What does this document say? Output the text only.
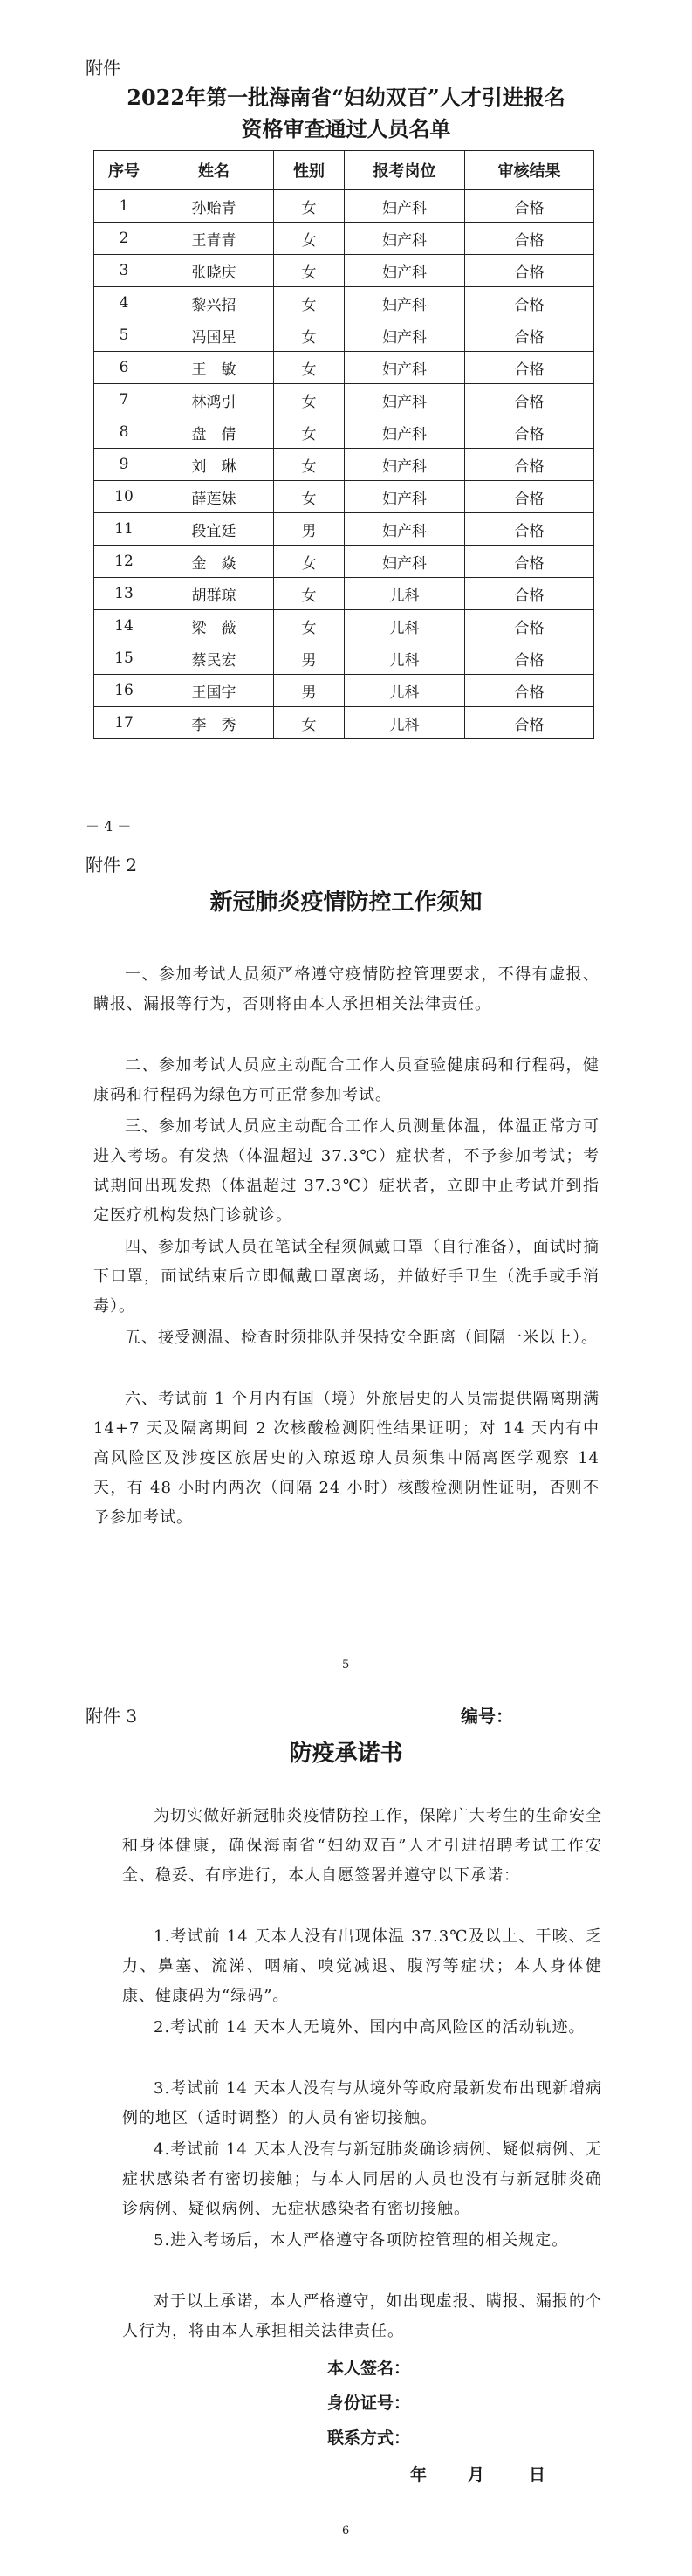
附件
2022年第一批海南省“妇幼双百”人才引进报名
资格审查通过人员名单
序号	姓名	性别	报考岗位	审核结果
1	孙贻青	女	妇产科	合格
2	王青青	女	妇产科	合格
3	张晓庆	女	妇产科	合格
4	黎兴招	女	妇产科	合格
5	冯国星	女	妇产科	合格
6	王　敏	女	妇产科	合格
7	林鸿引	女	妇产科	合格
8	盘　倩	女	妇产科	合格
9	刘　琳	女	妇产科	合格
10	薛莲妹	女	妇产科	合格
11	段宜廷	男	妇产科	合格
12	金　焱	女	妇产科	合格
13	胡群琼	女	儿科	合格
14	梁　薇	女	儿科	合格
15	蔡民宏	男	儿科	合格
16	王国宇	男	儿科	合格
17	李　秀	女	儿科	合格
－ 4 －
附件 2
新冠肺炎疫情防控工作须知
一、参加考试人员须严格遵守疫情防控管理要求，不得有虚报、瞒报、漏报等行为，否则将由本人承担相关法律责任。
二、参加考试人员应主动配合工作人员查验健康码和行程码，健康码和行程码为绿色方可正常参加考试。
三、参加考试人员应主动配合工作人员测量体温，体温正常方可进入考场。有发热（体温超过 37.3℃）症状者，不予参加考试；考试期间出现发热（体温超过 37.3℃）症状者，立即中止考试并到指定医疗机构发热门诊就诊。
四、参加考试人员在笔试全程须佩戴口罩（自行准备），面试时摘下口罩，面试结束后立即佩戴口罩离场，并做好手卫生（洗手或手消毒）。
五、接受测温、检查时须排队并保持安全距离（间隔一米以上）。
六、考试前 1 个月内有国（境）外旅居史的人员需提供隔离期满 14+7 天及隔离期间 2 次核酸检测阴性结果证明；对 14 天内有中高风险区及涉疫区旅居史的入琼返琼人员须集中隔离医学观察 14 天，有 48 小时内两次（间隔 24 小时）核酸检测阴性证明，否则不予参加考试。
5
附件 3	编号：
防疫承诺书
为切实做好新冠肺炎疫情防控工作，保障广大考生的生命安全和身体健康，确保海南省“妇幼双百”人才引进招聘考试工作安全、稳妥、有序进行，本人自愿签署并遵守以下承诺：
1.考试前 14 天本人没有出现体温 37.3℃及以上、干咳、乏力、鼻塞、流涕、咽痛、嗅觉减退、腹泻等症状；本人身体健康、健康码为“绿码”。
2.考试前 14 天本人无境外、国内中高风险区的活动轨迹。
3.考试前 14 天本人没有与从境外等政府最新发布出现新增病例的地区（适时调整）的人员有密切接触。
4.考试前 14 天本人没有与新冠肺炎确诊病例、疑似病例、无症状感染者有密切接触；与本人同居的人员也没有与新冠肺炎确诊病例、疑似病例、无症状感染者有密切接触。
5.进入考场后，本人严格遵守各项防控管理的相关规定。
对于以上承诺，本人严格遵守，如出现虚报、瞒报、漏报的个人行为，将由本人承担相关法律责任。
本人签名：
身份证号：
联系方式：
年 月	日
6
